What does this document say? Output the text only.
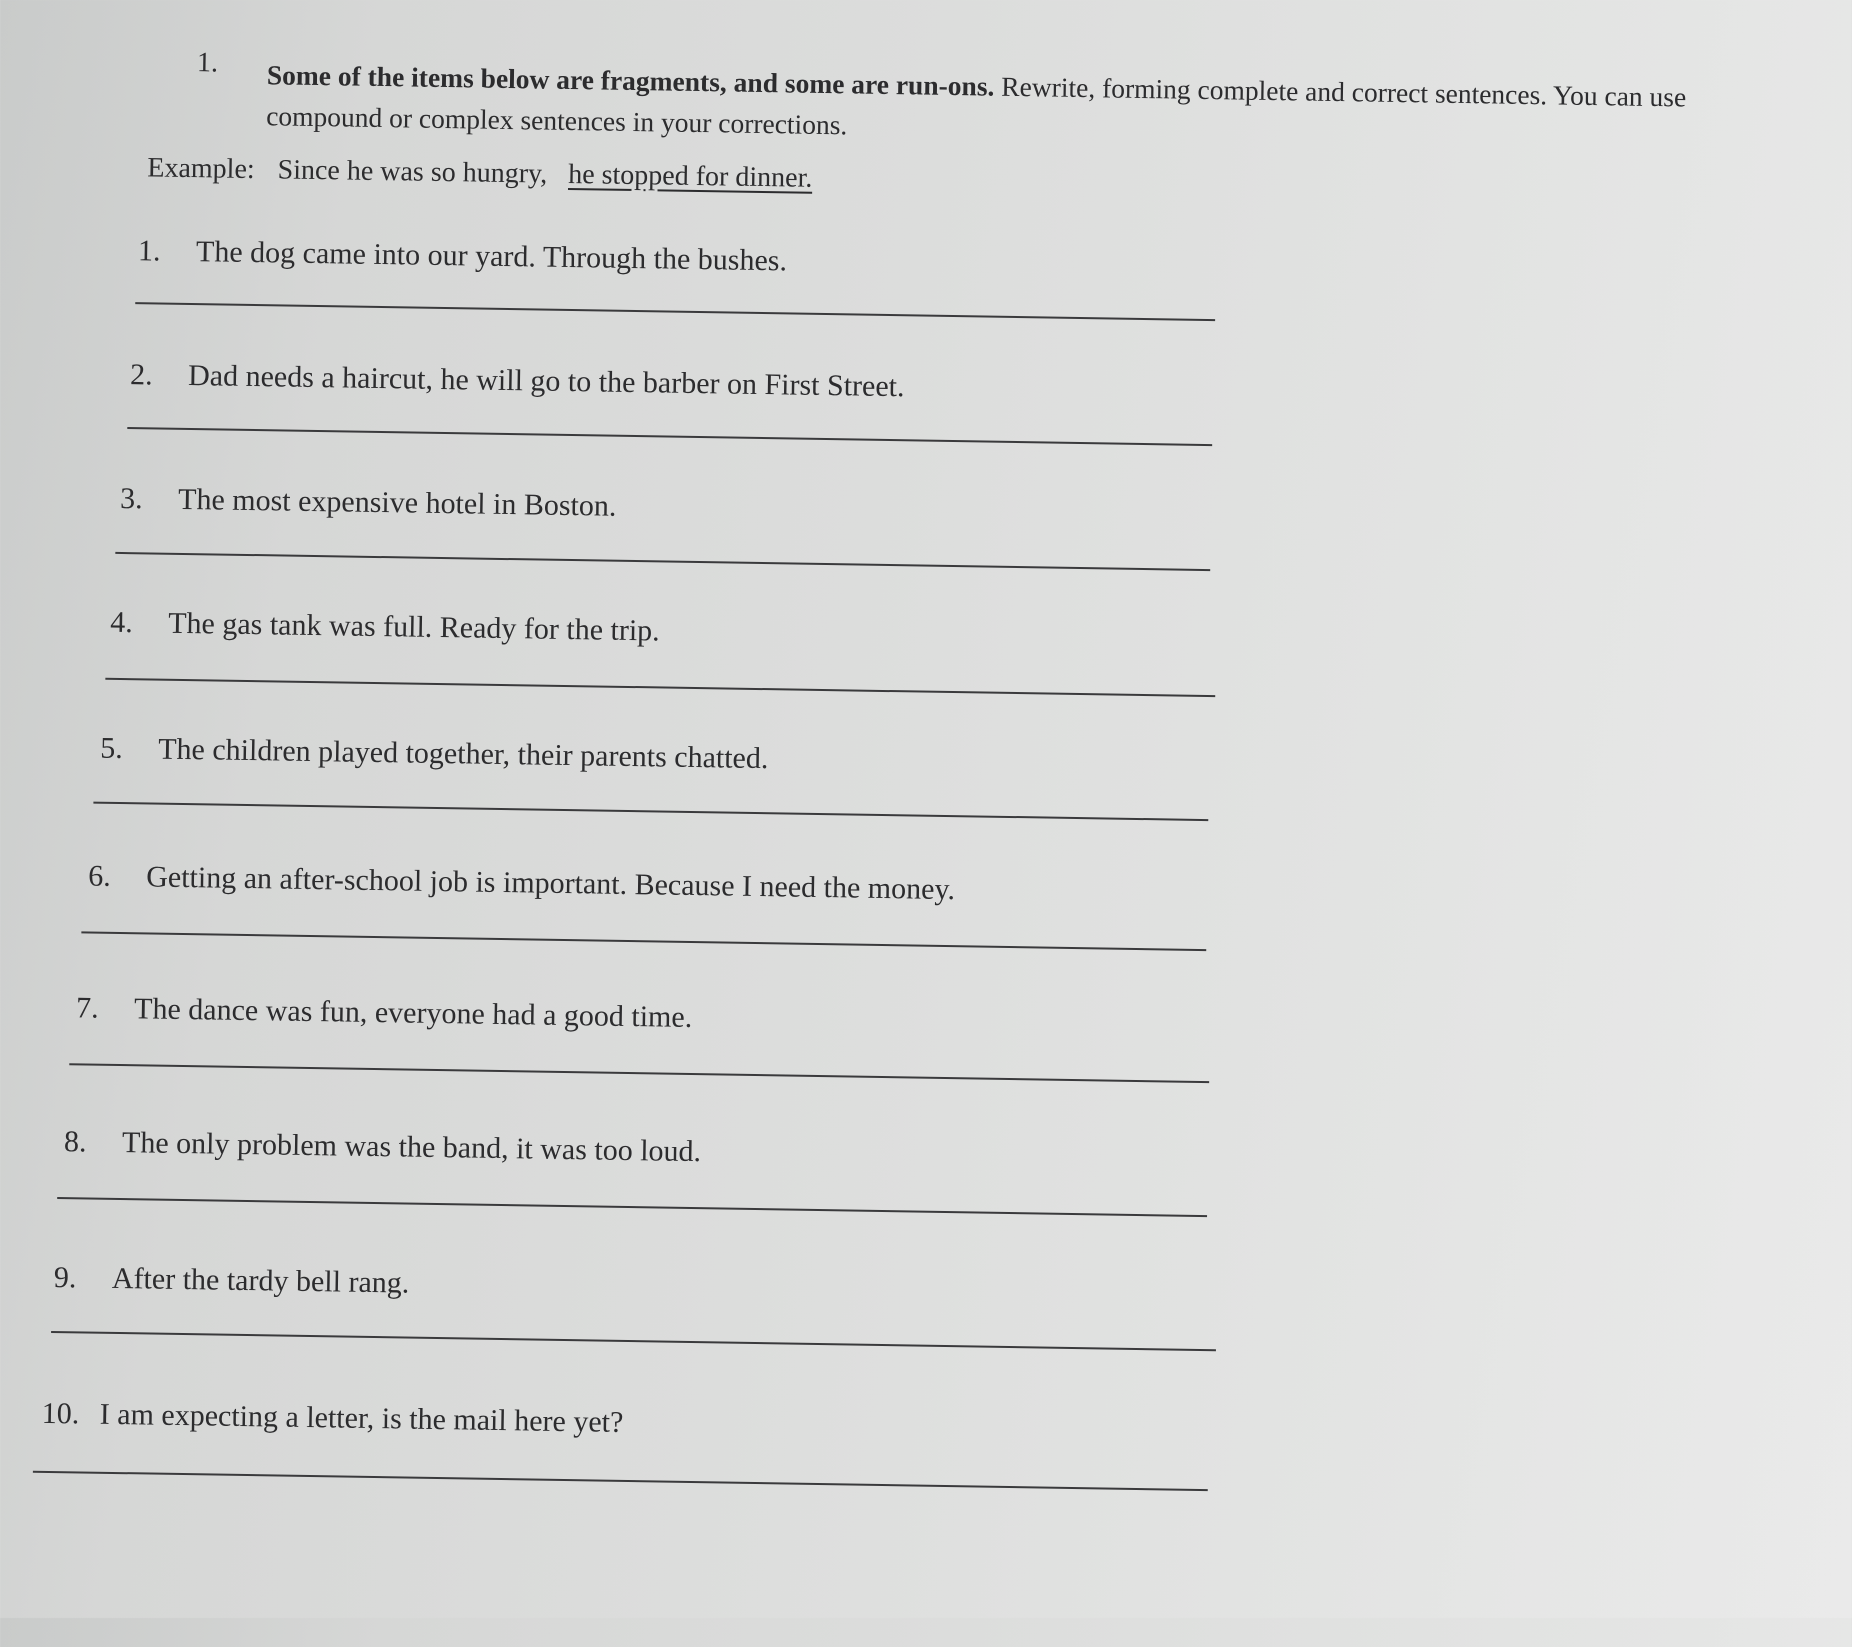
1. Some of the items below are fragments, and some are run-ons. Rewrite, forming complete and correct sentences. You can use compound or complex sentences in your corrections.
Example: Since he was so hungry, he stopped for dinner.
1. The dog came into our yard. Through the bushes.
2. Dad needs a haircut, he will go to the barber on First Street.
3. The most expensive hotel in Boston.
4. The gas tank was full. Ready for the trip.
5. The children played together, their parents chatted.
6. Getting an after-school job is important. Because I need the money.
7. The dance was fun, everyone had a good time.
8. The only problem was the band, it was too loud.
9. After the tardy bell rang.
10. I am expecting a letter, is the mail here yet?
